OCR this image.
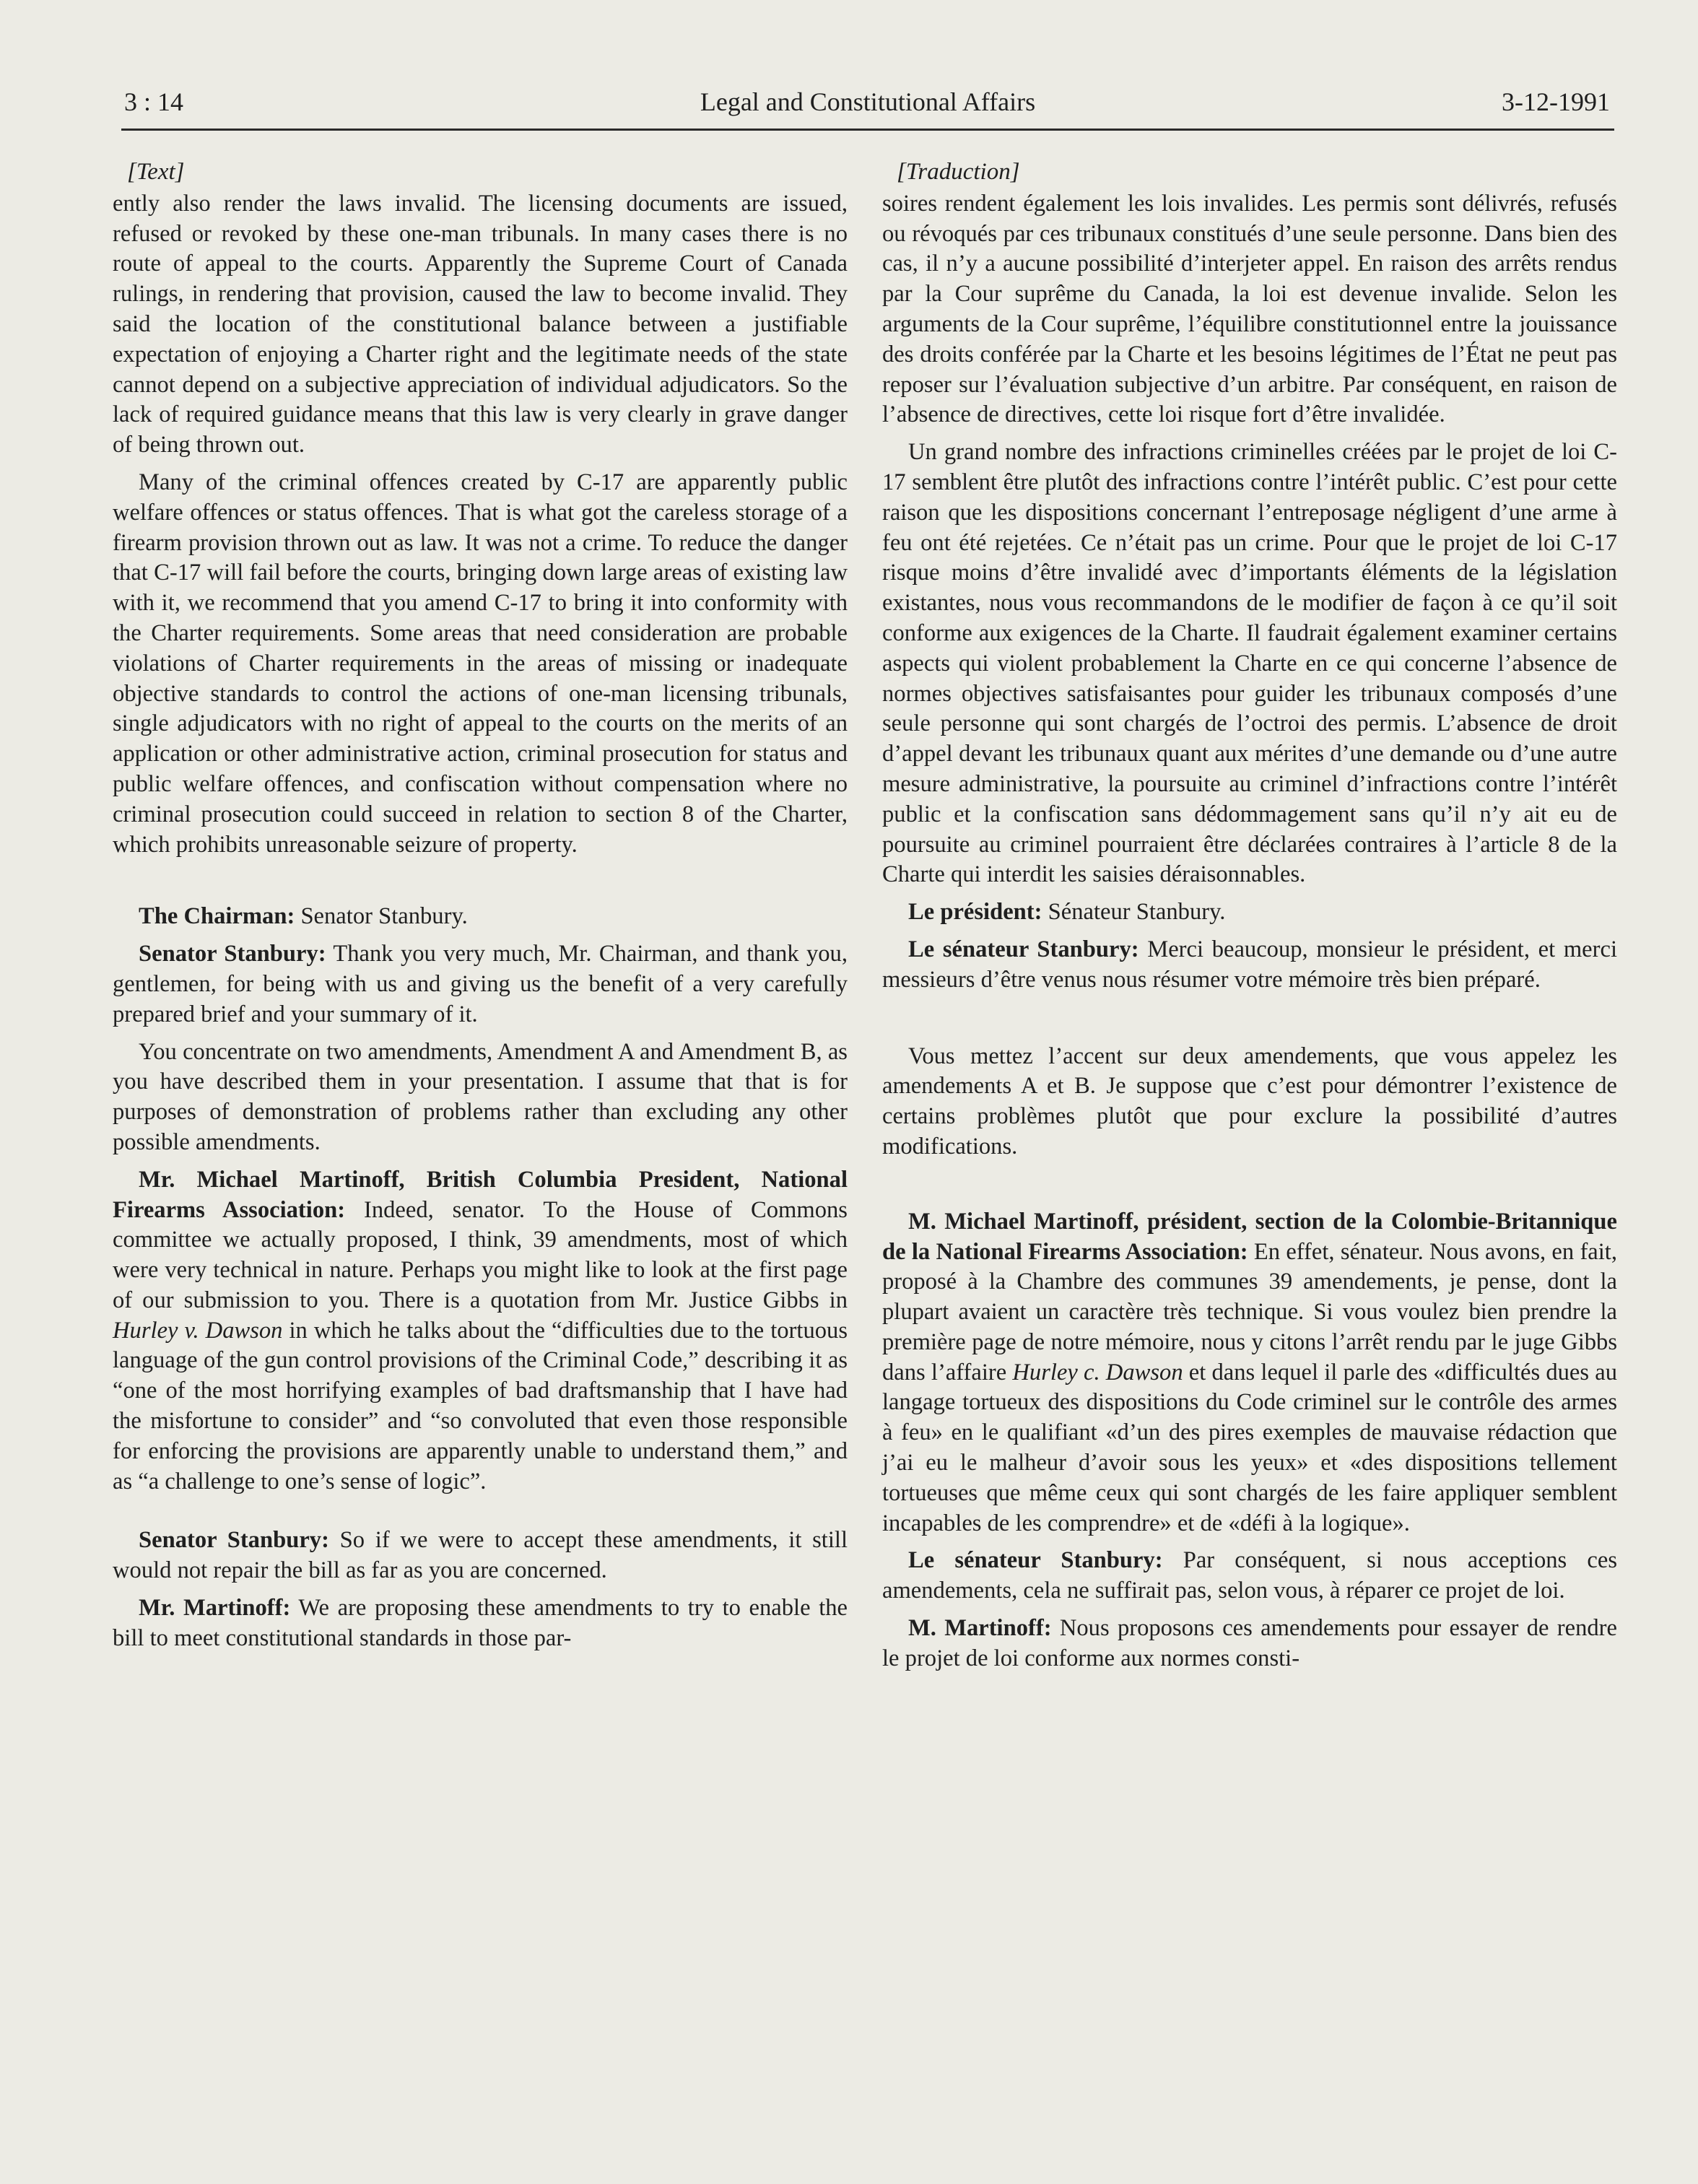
3 : 14	Legal and Constitutional Affairs	3-12-1991

[Text]

ently also render the laws invalid. The licensing documents are issued, refused or revoked by these one-man tribunals. In many cases there is no route of appeal to the courts. Apparently the Supreme Court of Canada rulings, in rendering that provision, caused the law to become invalid. They said the location of the constitutional balance between a justifiable expectation of enjoying a Charter right and the legitimate needs of the state cannot depend on a subjective appreciation of individual adjudicators. So the lack of required guidance means that this law is very clearly in grave danger of being thrown out.

Many of the criminal offences created by C-17 are apparently public welfare offences or status offences. That is what got the careless storage of a firearm provision thrown out as law. It was not a crime. To reduce the danger that C-17 will fail before the courts, bringing down large areas of existing law with it, we recommend that you amend C-17 to bring it into conformity with the Charter requirements. Some areas that need consideration are probable violations of Charter requirements in the areas of missing or inadequate objective standards to control the actions of one-man licensing tribunals, single adjudicators with no right of appeal to the courts on the merits of an application or other administrative action, criminal prosecution for status and public welfare offences, and confiscation without compensation where no criminal prosecution could succeed in relation to section 8 of the Charter, which prohibits unreasonable seizure of property.

The Chairman: Senator Stanbury.

Senator Stanbury: Thank you very much, Mr. Chairman, and thank you, gentlemen, for being with us and giving us the benefit of a very carefully prepared brief and your summary of it.

You concentrate on two amendments, Amendment A and Amendment B, as you have described them in your presentation. I assume that that is for purposes of demonstration of problems rather than excluding any other possible amendments.

Mr. Michael Martinoff, British Columbia President, National Firearms Association: Indeed, senator. To the House of Commons committee we actually proposed, I think, 39 amendments, most of which were very technical in nature. Perhaps you might like to look at the first page of our submission to you. There is a quotation from Mr. Justice Gibbs in Hurley v. Dawson in which he talks about the “difficulties due to the tortuous language of the gun control provisions of the Criminal Code,” describing it as “one of the most horrifying examples of bad draftsmanship that I have had the misfortune to consider” and “so convoluted that even those responsible for enforcing the provisions are apparently unable to understand them,” and as “a challenge to one’s sense of logic”.

Senator Stanbury: So if we were to accept these amendments, it still would not repair the bill as far as you are concerned.

Mr. Martinoff: We are proposing these amendments to try to enable the bill to meet constitutional standards in those par-

[Traduction]

soires rendent également les lois invalides. Les permis sont délivrés, refusés ou révoqués par ces tribunaux constitués d’une seule personne. Dans bien des cas, il n’y a aucune possibilité d’interjeter appel. En raison des arrêts rendus par la Cour suprême du Canada, la loi est devenue invalide. Selon les arguments de la Cour suprême, l’équilibre constitutionnel entre la jouissance des droits conférée par la Charte et les besoins légitimes de l’État ne peut pas reposer sur l’évaluation subjective d’un arbitre. Par conséquent, en raison de l’absence de directives, cette loi risque fort d’être invalidée.

Un grand nombre des infractions criminelles créées par le projet de loi C-17 semblent être plutôt des infractions contre l’intérêt public. C’est pour cette raison que les dispositions concernant l’entreposage négligent d’une arme à feu ont été rejetées. Ce n’était pas un crime. Pour que le projet de loi C-17 risque moins d’être invalidé avec d’importants éléments de la législation existantes, nous vous recommandons de le modifier de façon à ce qu’il soit conforme aux exigences de la Charte. Il faudrait également examiner certains aspects qui violent probablement la Charte en ce qui concerne l’absence de normes objectives satisfaisantes pour guider les tribunaux composés d’une seule personne qui sont chargés de l’octroi des permis. L’absence de droit d’appel devant les tribunaux quant aux mérites d’une demande ou d’une autre mesure administrative, la poursuite au criminel d’infractions contre l’intérêt public et la confiscation sans dédommagement sans qu’il n’y ait eu de poursuite au criminel pourraient être déclarées contraires à l’article 8 de la Charte qui interdit les saisies déraisonnables.

Le président: Sénateur Stanbury.

Le sénateur Stanbury: Merci beaucoup, monsieur le président, et merci messieurs d’être venus nous résumer votre mémoire très bien préparé.

Vous mettez l’accent sur deux amendements, que vous appelez les amendements A et B. Je suppose que c’est pour démontrer l’existence de certains problèmes plutôt que pour exclure la possibilité d’autres modifications.

M. Michael Martinoff, président, section de la Colombie-Britannique de la National Firearms Association: En effet, sénateur. Nous avons, en fait, proposé à la Chambre des communes 39 amendements, je pense, dont la plupart avaient un caractère très technique. Si vous voulez bien prendre la première page de notre mémoire, nous y citons l’arrêt rendu par le juge Gibbs dans l’affaire Hurley c. Dawson et dans lequel il parle des «difficultés dues au langage tortueux des dispositions du Code criminel sur le contrôle des armes à feu» en le qualifiant «d’un des pires exemples de mauvaise rédaction que j’ai eu le malheur d’avoir sous les yeux» et «des dispositions tellement tortueuses que même ceux qui sont chargés de les faire appliquer semblent incapables de les comprendre» et de «défi à la logique».

Le sénateur Stanbury: Par conséquent, si nous acceptions ces amendements, cela ne suffirait pas, selon vous, à réparer ce projet de loi.

M. Martinoff: Nous proposons ces amendements pour essayer de rendre le projet de loi conforme aux normes consti-
